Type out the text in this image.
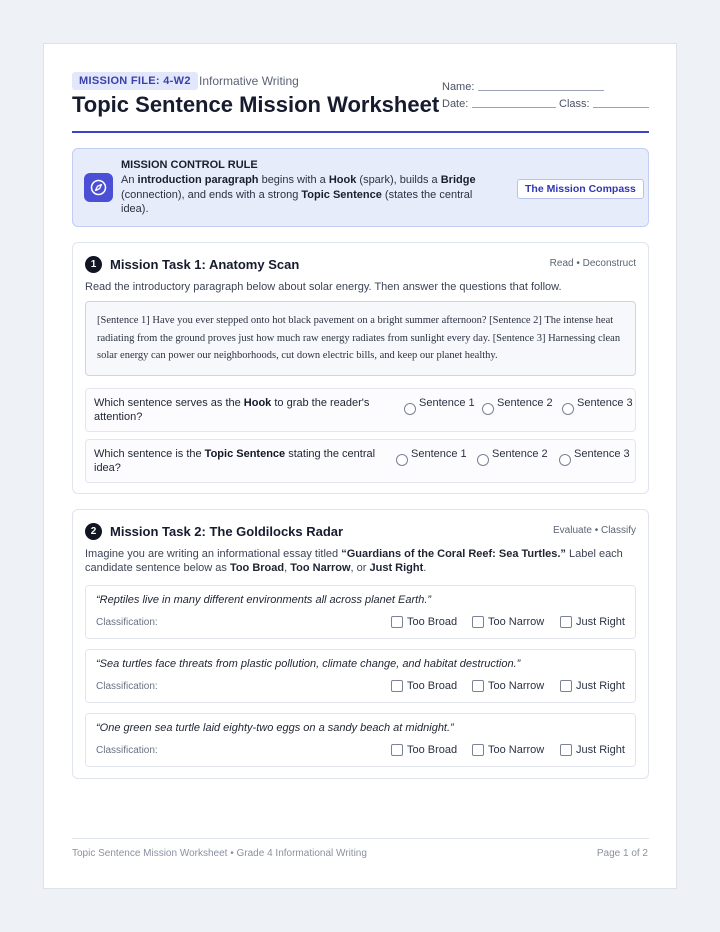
MISSION FILE: 4-W2 Informative Writing
Topic Sentence Mission Worksheet
Name:
Date:	Class:
MISSION CONTROL RULE
An introduction paragraph begins with a Hook (spark), builds a Bridge (connection), and ends with a strong Topic Sentence (states the central idea).
The Mission Compass
1	Mission Task 1: Anatomy Scan	Read • Deconstruct
Read the introductory paragraph below about solar energy. Then answer the questions that follow.
[Sentence 1] Have you ever stepped onto hot black pavement on a bright summer afternoon? [Sentence 2] The intense heat radiating from the ground proves just how much raw energy radiates from sunlight every day. [Sentence 3] Harnessing clean solar energy can power our neighborhoods, cut down electric bills, and keep our planet healthy.
Which sentence serves as the Hook to grab the reader's attention?
Sentence 1	Sentence 2	Sentence 3
Which sentence is the Topic Sentence stating the central idea?
Sentence 1	Sentence 2	Sentence 3
2	Mission Task 2: The Goldilocks Radar	Evaluate • Classify
Imagine you are writing an informational essay titled “Guardians of the Coral Reef: Sea Turtles.” Label each candidate sentence below as Too Broad, Too Narrow, or Just Right.
“Reptiles live in many different environments all across planet Earth.”
Classification:	Too Broad	Too Narrow	Just Right
“Sea turtles face threats from plastic pollution, climate change, and habitat destruction.”
Classification:	Too Broad	Too Narrow	Just Right
“One green sea turtle laid eighty-two eggs on a sandy beach at midnight.”
Classification:	Too Broad	Too Narrow	Just Right
Topic Sentence Mission Worksheet • Grade 4 Informational Writing	Page 1 of 2
